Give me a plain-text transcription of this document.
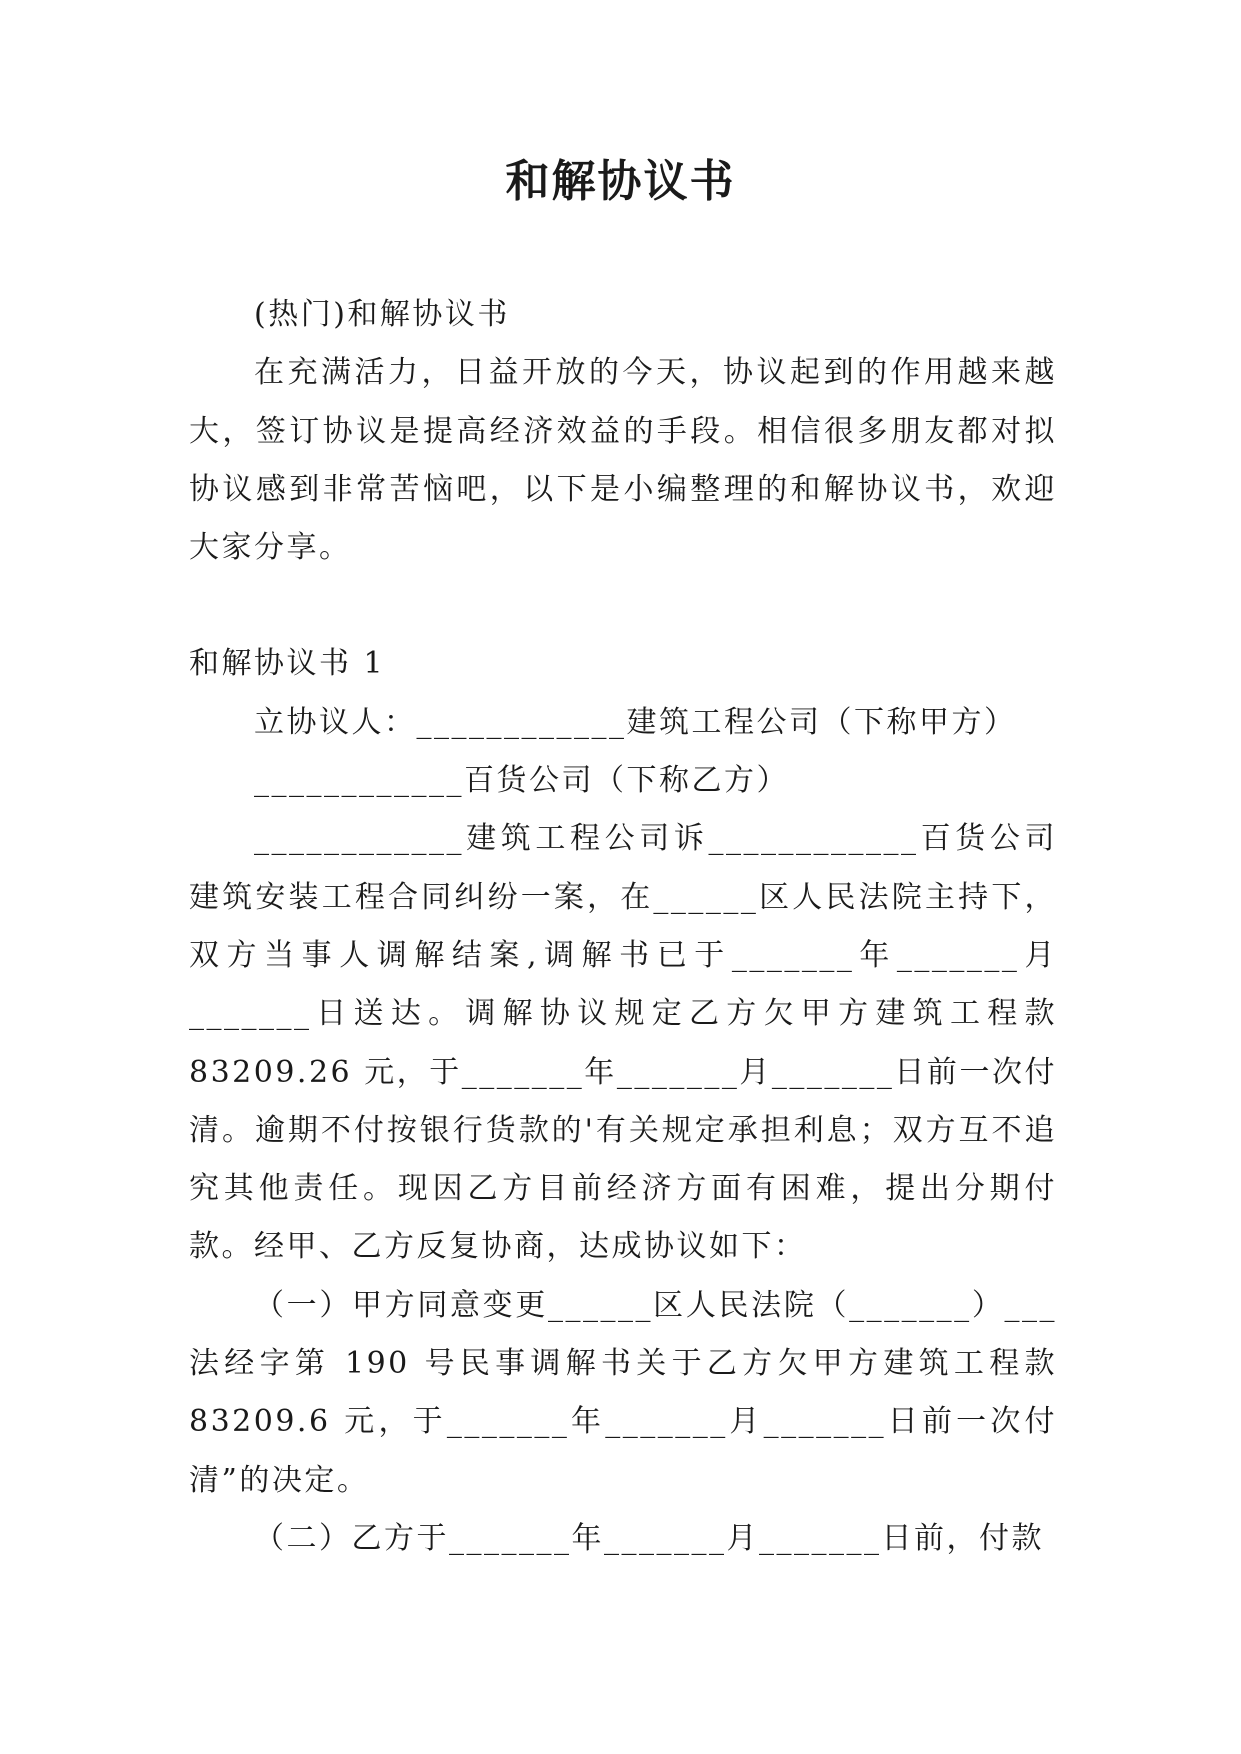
和解协议书

(热门)和解协议书

在充满活力，日益开放的今天，协议起到的作用越来越大，签订协议是提高经济效益的手段。相信很多朋友都对拟协议感到非常苦恼吧，以下是小编整理的和解协议书，欢迎大家分享。

和解协议书 1

立协议人：____________建筑工程公司（下称甲方）

____________百货公司（下称乙方）

____________建筑工程公司诉____________百货公司建筑安装工程合同纠纷一案，在______区人民法院主持下，双方当事人调解结案,调解书已于_______年_______月_______日送达。调解协议规定乙方欠甲方建筑工程款 83209.26 元，于_______年_______月_______日前一次付清。逾期不付按银行货款的'有关规定承担利息；双方互不追究其他责任。现因乙方目前经济方面有困难，提出分期付款。经甲、乙方反复协商，达成协议如下：

（一）甲方同意变更______区人民法院（_______）___法经字第 190 号民事调解书关于乙方欠甲方建筑工程款 83209.6 元，于_______年_______月_______日前一次付清”的决定。

（二）乙方于_______年_______月_______日前，付款
